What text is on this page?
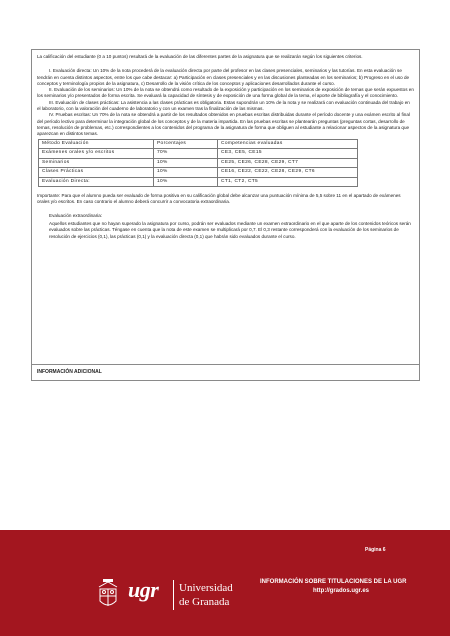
La calificación del estudiante (0 a 10 puntos) resultará de la evaluación de las diferentes partes de la asignatura que se realizarán según los siguientes criterios.

I. Evaluación directa: Un 10% de la nota procederá de la evaluación directa por parte del profesor en las clases presenciales, seminarios y las tutorías. En esta evaluación se tendrán en cuenta distintos aspectos, entre los que cabe destacar: a) Participación en clases presenciales y en las discusiones planteadas en los seminarios; b) Progreso en el uso de conceptos y terminología propios de la asignatura, c) Desarrollo de la visión crítica de los conceptos y aplicaciones desarrollados durante el curso.

II. Evaluación de los seminarios: Un 10% de la nota se obtendrá como resultado de la exposición y participación en los seminarios de exposición de temas que serán expuestos en los seminarios y/o presentados de forma escrita. Se evaluará la capacidad de síntesis y de exposición de una forma global de la tema, el aporte de bibliografía y el conocimiento.

III. Evaluación de clases prácticas: La asistencia a las clases prácticas es obligatoria. Estas supondrán un 10% de la nota y se realizará con evaluación continuada del trabajo en el laboratorio, con la valoración del cuaderno de laboratorio y con un examen tras la finalización de las mismas.

IV. Pruebas escritas: Un 70% de la nota se obtendrá a partir de los resultados obtenidos en pruebas escritas distribuidas durante el período docente y una exámen escrito al final del período lectivo para determinar la integración global de los conceptos y de la materia impartida. En las pruebas escritas se plantearán preguntas (preguntas cortas, desarrollo de temas, resolución de problemas, etc.) correspondientes a los contenidos del programa de la asignatura de forma que obliguen al estudiante a relacionar aspectos de la asignatura que aparezcan en distintos temas.

Método Evaluación	Porcentajes	Competencias evaluadas
Exámenes orales y/o escritos	70%	CE3, CE5, CE15
Seminarios	10%	CE25, CE26, CE28, CE29, CT7
Clases Prácticas	10%	CE16, CE22, CE22, CE28, CE29, CT6
Evaluación Directa:	10%	CT1, CT2, CT5

Importante: Para que el alumno pueda ser evaluado de forma positiva en su calificación global debe alcanzar una puntuación mínima de 5,5 sobre 11 en el apartado de exámenes orales y/o escritos. En caso contrario el alumno deberá concurrir a convocatoria extraordinaria.

Evaluación extraordinaria:

Aquellos estudiantes que no hayan superado la asignatura por curso, podrán ser evaluados mediante un examen extraordinario en el que aparte de los contenidos teóricos serán evaluados sobre las prácticas. Téngase en cuenta que la nota de este examen se multiplicará por 0,7. El 0,3 restante corresponderá con la evaluación de los seminarios de resolución de ejercicios (0,1), las prácticas (0,1) y la evaluación directa (0,1) que habrán sido evaluados durante el curso.

INFORMACIÓN ADICIONAL
Página 6
ugr Universidad
de Granada
INFORMACIÓN SOBRE TITULACIONES DE LA UGR
http://grados.ugr.es
